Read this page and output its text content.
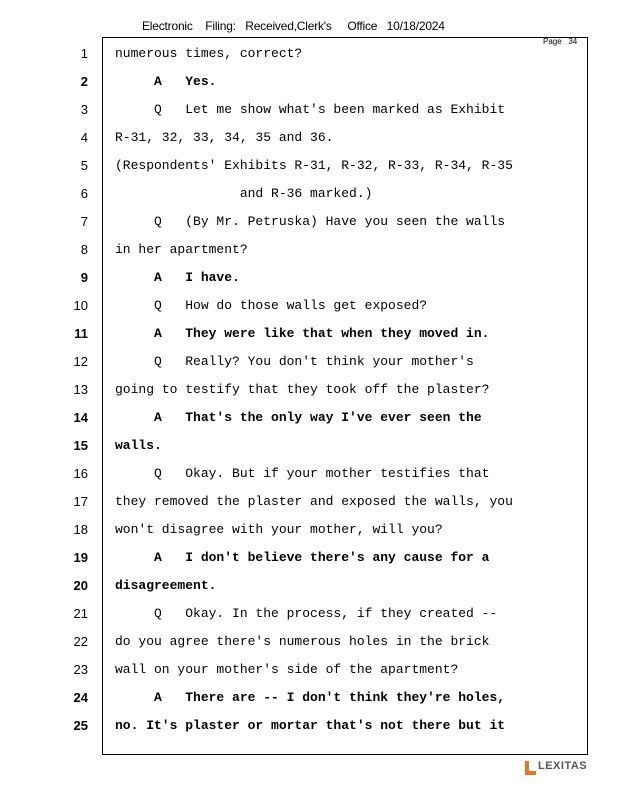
Electronic    Filing:   Received,Clerk's     Office   10/18/2024
Page   34
1 numerous times, correct?
2 A   Yes.
3 Q   Let me show what's been marked as Exhibit
4 R-31, 32, 33, 34, 35 and 36.
5 (Respondents' Exhibits R-31, R-32, R-33, R-34, R-35
6 and R-36 marked.)
7 Q   (By Mr. Petruska) Have you seen the walls
8 in her apartment?
9 A   I have.
10 Q   How do those walls get exposed?
11 A   They were like that when they moved in.
12 Q   Really? You don't think your mother's
13 going to testify that they took off the plaster?
14 A   That's the only way I've ever seen the
15 walls.
16 Q   Okay. But if your mother testifies that
17 they removed the plaster and exposed the walls, you
18 won't disagree with your mother, will you?
19 A   I don't believe there's any cause for a
20 disagreement.
21 Q   Okay. In the process, if they created --
22 do you agree there's numerous holes in the brick
23 wall on your mother's side of the apartment?
24 A   There are -- I don't think they're holes,
25 no. It's plaster or mortar that's not there but it
LEXITAS
